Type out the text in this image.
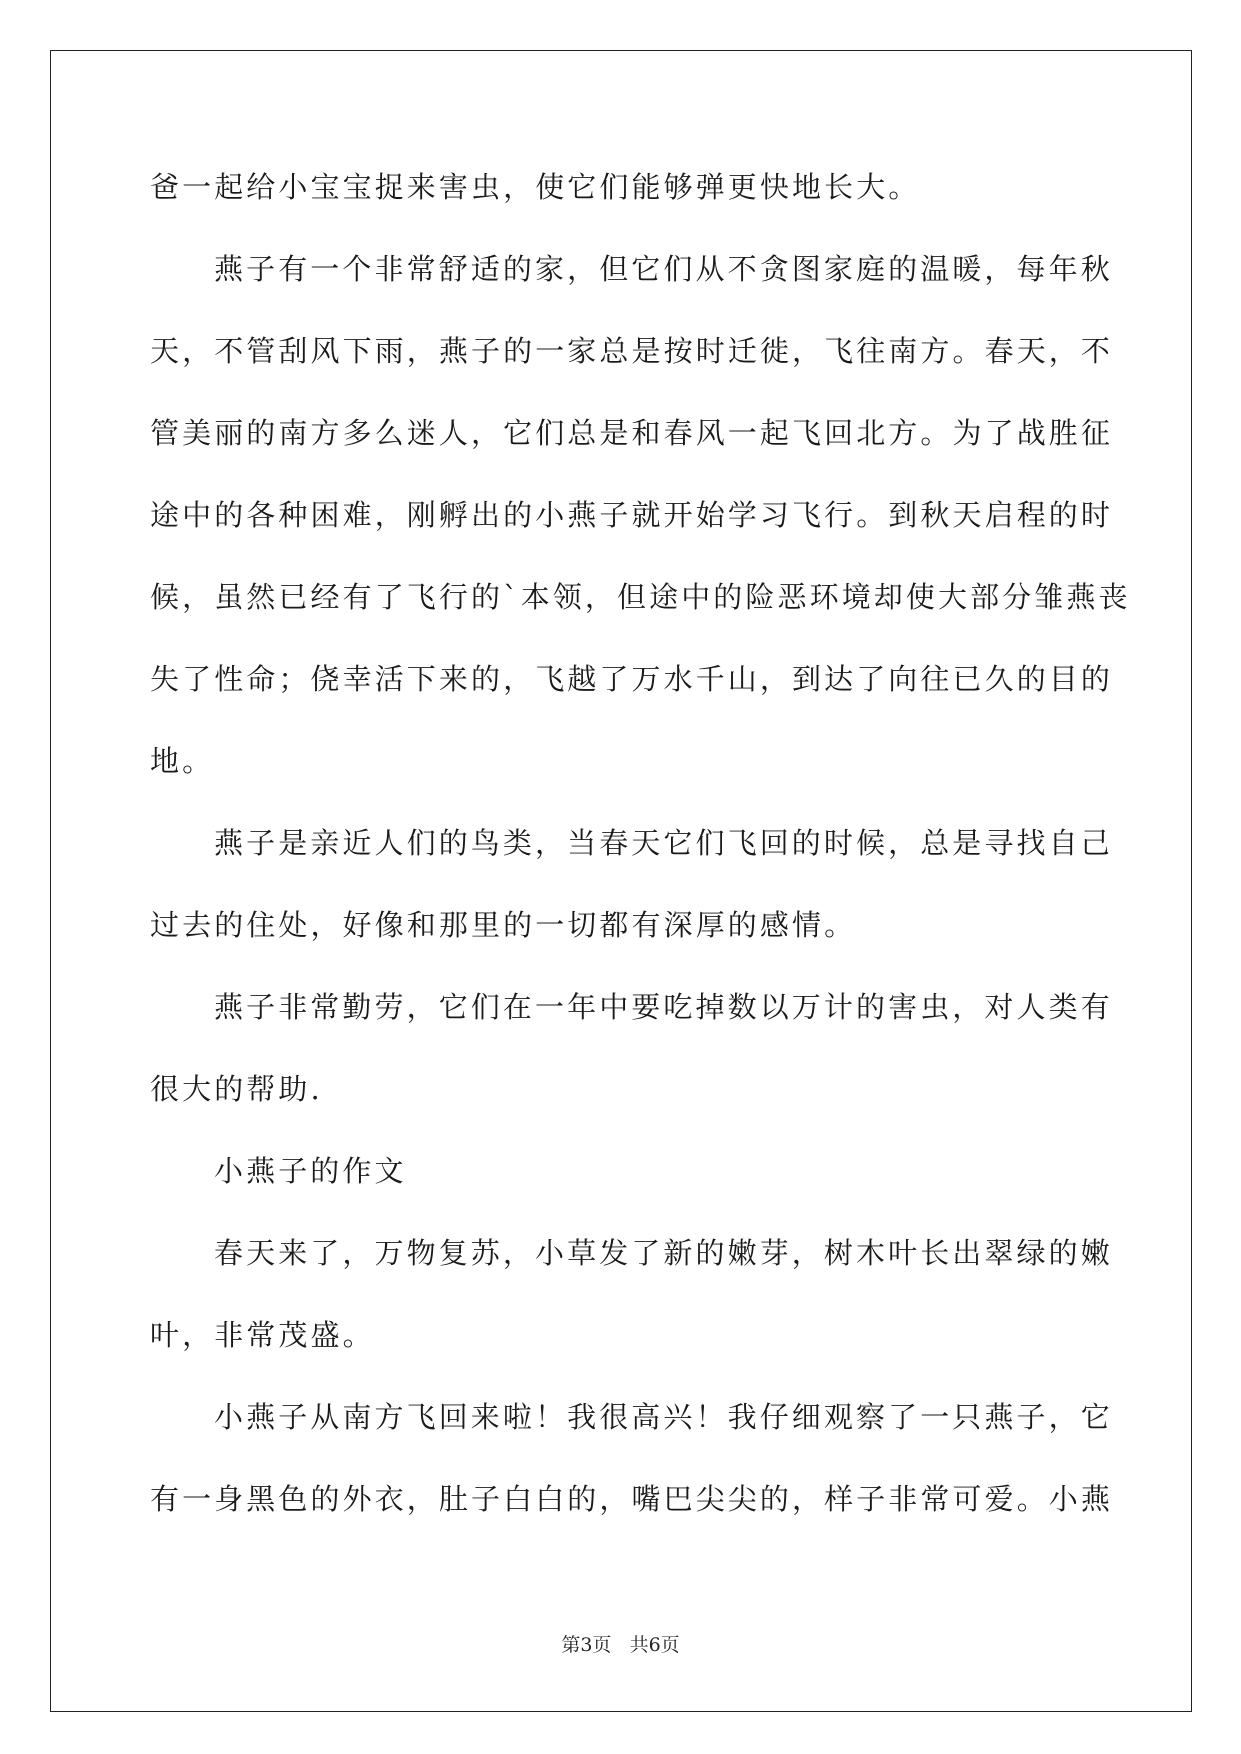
爸一起给小宝宝捉来害虫，使它们能够弹更快地长大。
燕子有一个非常舒适的家，但它们从不贪图家庭的温暖，每年秋
天，不管刮风下雨，燕子的一家总是按时迁徙，飞往南方。春天，不
管美丽的南方多么迷人，它们总是和春风一起飞回北方。为了战胜征
途中的各种困难，刚孵出的小燕子就开始学习飞行。到秋天启程的时
候，虽然已经有了飞行的`本领，但途中的险恶环境却使大部分雏燕丧
失了性命；侥幸活下来的，飞越了万水千山，到达了向往已久的目的
地。
燕子是亲近人们的鸟类，当春天它们飞回的时候，总是寻找自己
过去的住处，好像和那里的一切都有深厚的感情。
燕子非常勤劳，它们在一年中要吃掉数以万计的害虫，对人类有
很大的帮助.
小燕子的作文
春天来了，万物复苏，小草发了新的嫩芽，树木叶长出翠绿的嫩
叶，非常茂盛。
小燕子从南方飞回来啦！我很高兴！我仔细观察了一只燕子，它
有一身黑色的外衣，肚子白白的，嘴巴尖尖的，样子非常可爱。小燕
第3页 共6页
